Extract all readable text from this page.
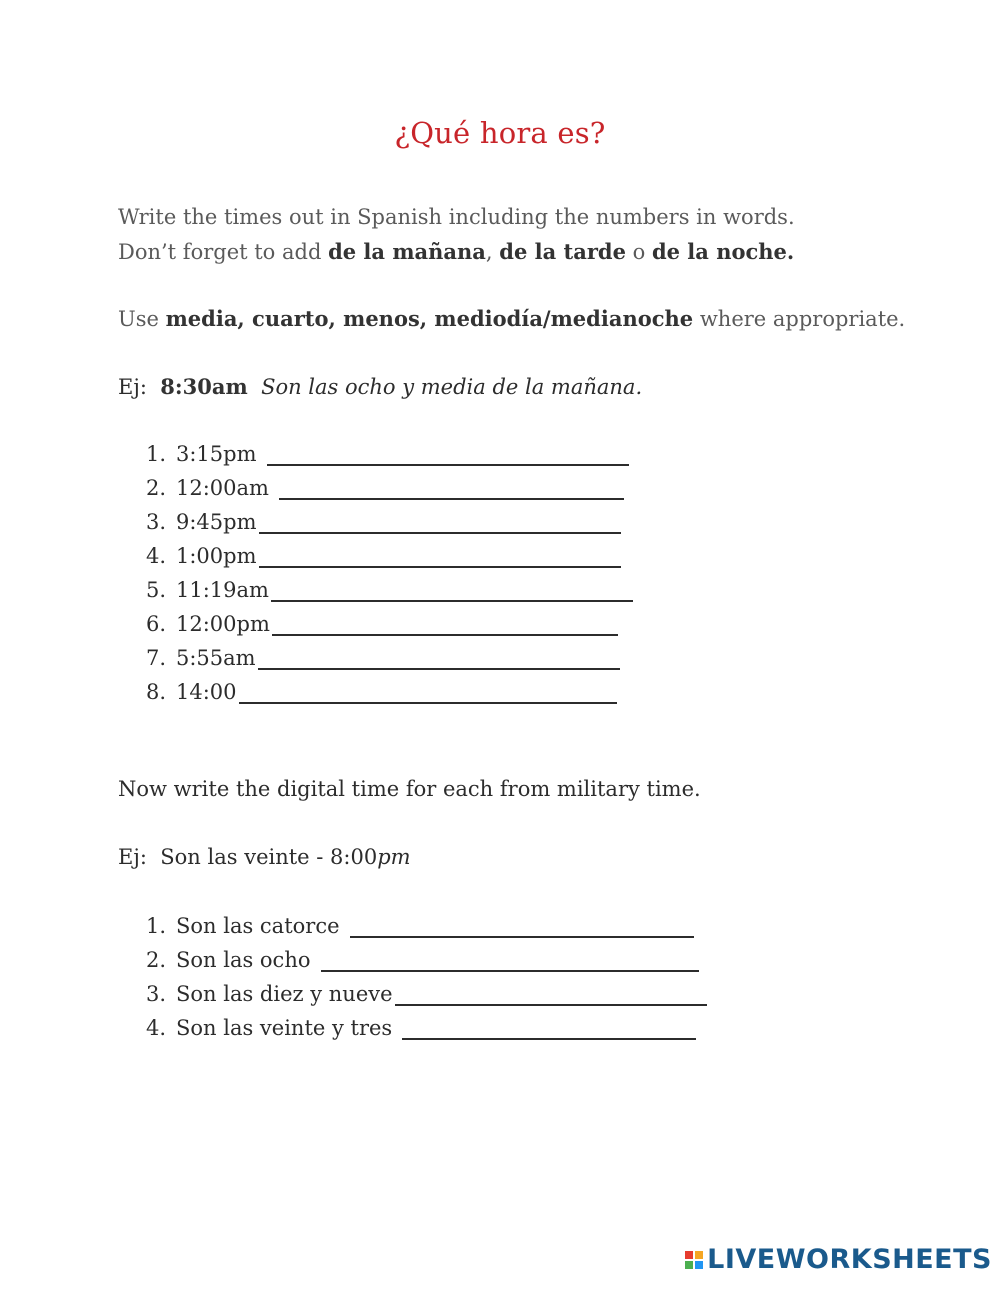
¿Qué hora es?
Write the times out in Spanish including the numbers in words.
Don’t forget to add de la mañana, de la tarde o de la noche.
Use media, cuarto, menos, mediodía/medianoche where appropriate.
Ej: 8:30am Son las ocho y media de la mañana.
1. 3:15pm
2. 12:00am
3. 9:45pm
4. 1:00pm
5. 11:19am
6. 12:00pm
7. 5:55am
8. 14:00
Now write the digital time for each from military time.
Ej: Son las veinte - 8:00pm
1. Son las catorce
2. Son las ocho
3. Son las diez y nueve
4. Son las veinte y tres
LIVEWORKSHEETS
